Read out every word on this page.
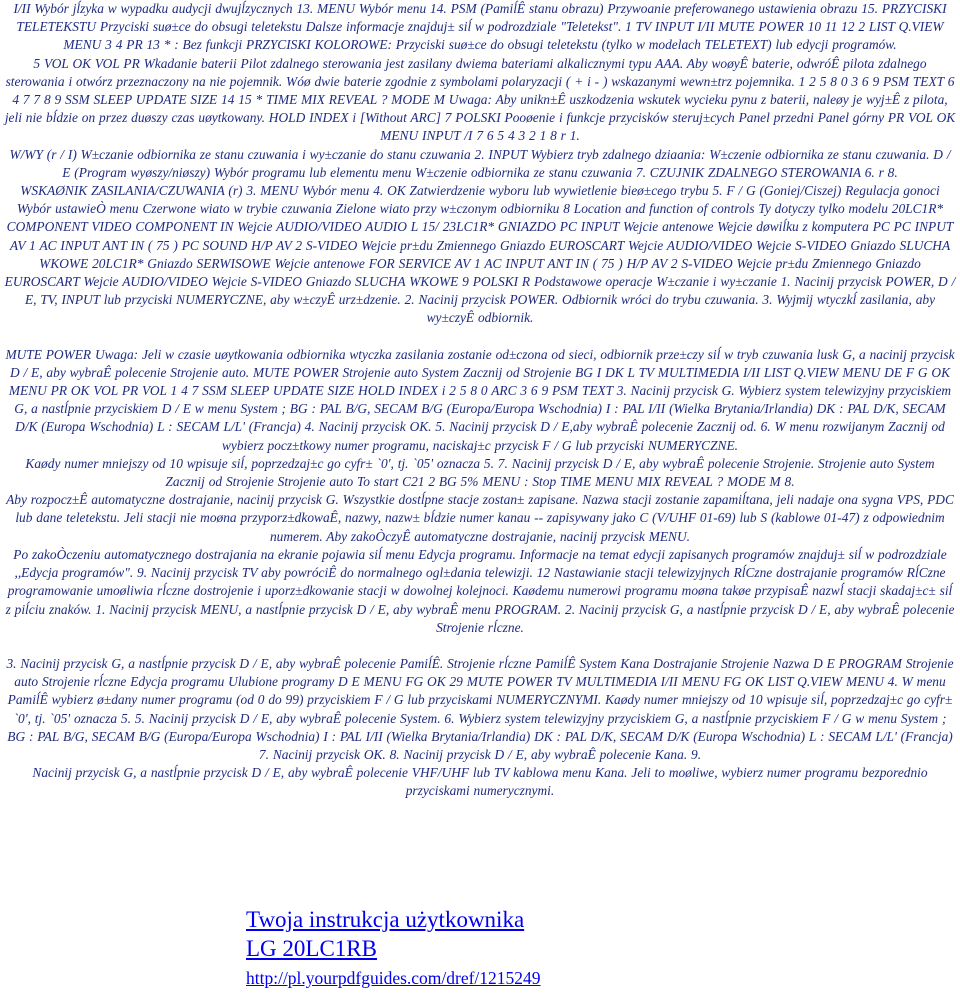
I/II Wybór jĺzyka w wypadku audycji dwujĺzycznych 13. MENU Wybór menu 14. PSM (PamiĺÊ stanu obrazu) Przywoanie preferowanego ustawienia obrazu 15. PRZYCISKI TELETEKSTU Przyciski suø±ce do obsugi teletekstu Dalsze informacje znajduj± siĺ w podrozdziale "Teletekst". 1 TV INPUT I/II MUTE POWER 10 11 12 2 LIST Q.VIEW MENU 3 4 PR 13 * : Bez funkcji PRZYCISKI KOLOROWE: Przyciski suø±ce do obsugi teletekstu (tylko w modelach TELETEXT) lub edycji programów.

5 VOL OK VOL PR Wkadanie baterii Pilot zdalnego sterowania jest zasilany dwiema bateriami alkalicznymi typu AAA. Aby woøyÊ baterie, odwróÊ pilota zdalnego sterowania i otwórz przeznaczony na nie pojemnik. Wóø dwie baterie zgodnie z symbolami polaryzacji ( + i - ) wskazanymi wewn±trz pojemnika. 1 2 5 8 0 3 6 9 PSM TEXT 6 4 7 7 8 9 SSM SLEEP UPDATE SIZE 14 15 * TIME MIX REVEAL ? MODE M Uwaga: Aby unikn±Ê uszkodzenia wskutek wycieku pynu z baterii, naleøy je wyj±Ê z pilota, jeli nie bĺdzie on przez duøszy czas uøytkowany. HOLD INDEX i [Without ARC] 7 POLSKI Pooøenie i funkcje przycisków steruj±cych Panel przedni Panel górny PR VOL OK MENU INPUT /I 7 6 5 4 3 2 1 8 r 1.

W/WY (r / I) W±czanie odbiornika ze stanu czuwania i wy±czanie do stanu czuwania 2. INPUT Wybierz tryb zdalnego dziaania: W±czenie odbiornika ze stanu czuwania. D / E (Program wyøszy/niøszy) Wybór programu lub elementu menu W±czenie odbiornika ze stanu czuwania 7. CZUJNIK ZDALNEGO STEROWANIA 6. r 8.

WSKAØNIK ZASILANIA/CZUWANIA (r) 3. MENU Wybór menu 4. OK Zatwierdzenie wyboru lub wywietlenie bieø±cego trybu 5. F / G (Goniej/Ciszej) Regulacja gonoci Wybór ustawieÒ menu Czerwone wiato w trybie czuwania Zielone wiato przy w±czonym odbiorniku 8 Location and function of controls Ty dotyczy tylko modelu 20LC1R* COMPONENT VIDEO COMPONENT IN Wejcie AUDIO/VIDEO AUDIO L 15/ 23LC1R* GNIAZDO PC INPUT Wejcie antenowe Wejcie døwiĺku z komputera PC PC INPUT AV 1 AC INPUT ANT IN ( 75 ) PC SOUND H/P AV 2 S-VIDEO Wejcie pr±du Zmiennego Gniazdo EUROSCART Wejcie AUDIO/VIDEO Wejcie S-VIDEO Gniazdo SLUCHA WKOWE 20LC1R* Gniazdo SERWISOWE Wejcie antenowe FOR SERVICE AV 1 AC INPUT ANT IN ( 75 ) H/P AV 2 S-VIDEO Wejcie pr±du Zmiennego Gniazdo EUROSCART Wejcie AUDIO/VIDEO Wejcie S-VIDEO Gniazdo SLUCHA WKOWE 9 POLSKI R Podstawowe operacje W±czanie i wy±czanie 1. Nacinij przycisk POWER, D / E, TV, INPUT lub przyciski NUMERYCZNE, aby w±czyÊ urz±dzenie. 2. Nacinij przycisk POWER. Odbiornik wróci do trybu czuwania. 3. Wyjmij wtyczkĺ zasilania, aby wy±czyÊ odbiornik.

MUTE POWER Uwaga: Jeli w czasie uøytkowania odbiornika wtyczka zasilania zostanie od±czona od sieci, odbiornik prze±czy siĺ w tryb czuwania lusk G, a nacinij przycisk D / E, aby wybraÊ polecenie Strojenie auto. MUTE POWER Strojenie auto System Zacznij od Strojenie BG I DK L TV MULTIMEDIA I/II LIST Q.VIEW MENU DE F G OK MENU PR OK VOL PR VOL 1 4 7 SSM SLEEP UPDATE SIZE HOLD INDEX i 2 5 8 0 ARC 3 6 9 PSM TEXT 3. Nacinij przycisk G. Wybierz system telewizyjny przyciskiem G, a nastĺpnie przyciskiem D / E w menu System ; BG : PAL B/G, SECAM B/G (Europa/Europa Wschodnia) I : PAL I/II (Wielka Brytania/Irlandia) DK : PAL D/K, SECAM D/K (Europa Wschodnia) L : SECAM L/L' (Francja) 4. Nacinij przycisk OK. 5. Nacinij przycisk D / E,aby wybraÊ polecenie Zacznij od. 6. W menu rozwijanym Zacznij od wybierz pocz±tkowy numer programu, naciskaj±c przycisk F / G lub przyciski NUMERYCZNE.

Kaødy numer mniejszy od 10 wpisuje siĺ, poprzedzaj±c go cyfr± `0', tj. `05' oznacza 5. 7. Nacinij przycisk D / E, aby wybraÊ polecenie Strojenie. Strojenie auto System Zacznij od Strojenie Strojenie auto To start C21 2 BG 5% MENU : Stop TIME MENU MIX REVEAL ? MODE M 8.

Aby rozpocz±Ê automatyczne dostrajanie, nacinij przycisk G. Wszystkie dostĺpne stacje zostan± zapisane. Nazwa stacji zostanie zapamiĺtana, jeli nadaje ona sygna VPS, PDC lub dane teletekstu. Jeli stacji nie moøna przyporz±dkowaÊ, nazwy, nazw± bĺdzie numer kanau -- zapisywany jako C (V/UHF 01-69) lub S (kablowe 01-47) z odpowiednim numerem. Aby zakoÒczyÊ automatyczne dostrajanie, nacinij przycisk MENU.

Po zakoÒczeniu automatycznego dostrajania na ekranie pojawia siĺ menu Edycja programu. Informacje na temat edycji zapisanych programów znajduj± siĺ w podrozdziale ,,Edycja programów". 9. Nacinij przycisk TV aby powróciÊ do normalnego ogl±dania telewizji. 12 Nastawianie stacji telewizyjnych RĺCzne dostrajanie programów RĺCzne programowanie umoøliwia rĺczne dostrojenie i uporz±dkowanie stacji w dowolnej kolejnoci. Kaødemu numerowi programu moøna takøe przypisaÊ nazwĺ stacji skadaj±c± siĺ z piĺciu znaków. 1. Nacinij przycisk MENU, a nastĺpnie przycisk D / E, aby wybraÊ menu PROGRAM. 2. Nacinij przycisk G, a nastĺpnie przycisk D / E, aby wybraÊ polecenie Strojenie rĺczne.

3. Nacinij przycisk G, a nastĺpnie przycisk D / E, aby wybraÊ polecenie PamiĺÊ. Strojenie rĺczne PamiĺÊ System Kana Dostrajanie Strojenie Nazwa D E PROGRAM Strojenie auto Strojenie rĺczne Edycja programu Ulubione programy D E MENU FG OK 29 MUTE POWER TV MULTIMEDIA I/II MENU FG OK LIST Q.VIEW MENU 4. W menu PamiĺÊ wybierz ø±dany numer programu (od 0 do 99) przyciskiem F / G lub przyciskami NUMERYCZNYMI. Kaødy numer mniejszy od 10 wpisuje siĺ, poprzedzaj±c go cyfr± `0', tj. `05' oznacza 5. 5. Nacinij przycisk D / E, aby wybraÊ polecenie System. 6. Wybierz system telewizyjny przyciskiem G, a nastĺpnie przyciskiem F / G w menu System ; BG : PAL B/G, SECAM B/G (Europa/Europa Wschodnia) I : PAL I/II (Wielka Brytania/Irlandia) DK : PAL D/K, SECAM D/K (Europa Wschodnia) L : SECAM L/L' (Francja) 7. Nacinij przycisk OK. 8. Nacinij przycisk D / E, aby wybraÊ polecenie Kana. 9.

Nacinij przycisk G, a nastĺpnie przycisk D / E, aby wybraÊ polecenie VHF/UHF lub TV kablowa menu Kana. Jeli to moøliwe, wybierz numer programu bezporednio przyciskami numerycznymi.

Twoja instrukcja użytkownika
LG 20LC1RB
http://pl.yourpdfguides.com/dref/1215249
